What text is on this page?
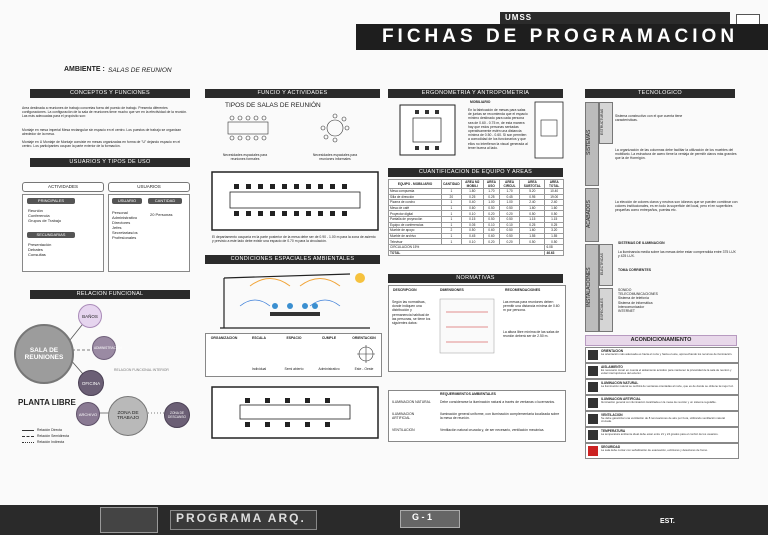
UMSS
FICHAS DE PROGRAMACION
AMBIENTE : SALAS DE REUNION
CONCEPTOS Y FUNCIONES	FUNCIO Y ACTIVIDADES	ERGONOMETRIA Y ANTROPOMETRIA	TECNOLOGICO
USUARIOS Y TIPOS DE USO
CUANTIFICACION DE EQUIPO Y AREAS
CONDICIONES ESPACIALES AMBIENTALES
NORMATIVAS
RELACION FUNCIONAL
ACONDICIONAMIENTO
Area destinada a reuniones de trabajo concretas fuera del puesto de trabajo. Presenta diferentes configuraciones. La configuración de la sala de reuniones tiene mucho que ver en la efectividad de la reunión. Las más adecuadas para el propósito son:
Montaje en mesa imperial Mesa rectangular sin espacio en el centro. Los puestos de trabajo se organizan alrededor de la mesa.
Montaje en U Montaje de Montaje consiste en mesas organizadas en forma de "U" dejando espacio en el centro. Los participantes ocupan la parte exterior de la formación.
ACTIVIDADES	USUARIOS
PRINCIPALES
Reunión
Conferencia
Grupos de Trabajo
SECUNDARIAS
Presentación
Debates
Consultas
USUARIO	CANTIDAD
Personal Administrativo
Directores
Jefes
Secretarias/os
Profesionales
20 Personas
TIPOS DE SALAS DE REUNIÓN
Necesidades espaciales para reuniones formales
Necesidades espaciales para reuniones informales
El departamento ocuparía en la parte posterior de la mesa debe ser de 0.90 - 1.00 m para la zona de asiento y previsto a este lado debe existir una espacio de 0.70 m para la circulación.
MOBILIARIO
En la fabricación de mesas para salas de juntas se recomienda que el espacio mínimo destinado para cada persona sea de 0.60 - 0.75 m, de esta manera hay que estos personas sentadas operativamente estén una distancia mínima de 0.50 - 0.60. Si son permiten a comodidad de los funcionarios y que ellos no interfieran la visual generada al tener buena al lado.
EQUIPO - MOBILIARIO	CANTIDAD	AREA M2 MOBILI	AREA USO	AREA CIRCUL	AREA SUBTOTAL	AREA TOTAL
Mesa compuesta	1	1.80	1.70	1.70	5.20	10.40
Silla de dirección	20	0.25	0.25	0.45	0.95	19.00
Pizarra de corcho	1	0.40	1.00	1.00	2.40	2.40
Mesa de café	1	0.60	0.50	0.50	1.60	1.60
Proyector digital	1	0.10	0.20	0.20	0.50	0.50
Pantalla de proyección	1	0.15	0.50	0.50	1.15	1.15
Equipo de conferencias	1	0.05	0.10	0.10	0.25	0.25
Mueble de apoyo	2	0.50	0.60	0.50	1.60	3.20
Mueble de archivo	1	0.45	0.60	0.50	1.55	1.55
Televisor	1	0.10	0.20	0.20	0.50	0.50
CIRCULACION 15%						6.08
TOTAL						46.63
ORGANIZACION	ESCALA	ESPACIO	CUMPLE	ORIENTACION
Individual	Semi abierto	Administrativo	Este - Oeste
DESCRIPCION	DIMENSIONES	RECOMENDACIONES
Según las normativas, donde indiquen una distribución y permanencia habitual de las personas, se tiene los siguientes datos:
Las mesas para reuniones deben permitir una distancia mínima de 0.60 m por persona.
La altura libre mínima de las salas de reunión deberá ser de 2.50 m.
REQUERIMIENTOS AMBIENTALES
ILUMINACION NATURAL	Debe considerarse la iluminación natural a través de ventanas o lucernarios.
ILUMINACION ARTIFICIAL
Iluminación general uniforme, con iluminación complementaria localizada sobre la mesa de reunión.
VENTILACION	Ventilación natural cruzada y, de ser necesario, ventilación mecánica.
SALA DE REUNIONES
BAÑOS
ADMINISTRACIÓN
OFICINA
RELACION FUNCIONAL INTERIOR
PLANTA LIBRE
ARCHIVO	ZONA DE TRABAJO
ZONA DE DESCANSO
Relación Directa
Relación Semidirecta
Relación Indirecta
SISTEMAS
ESTRUCTURAS	Sistema constructivo con el que cuenta tiene características.
La organización de las columnas debe facilitar la utilización de los muebles del mobiliario. La estructura de acero tiene la ventaja de permitir claros más grandes que la de Hormigón.
ACABADOS	La elección de colores claros y neutros son idóneos que se pueden combinar con colores institucionales, es en todo la superficie del local, pero el en superficies pequeñas como entrepaños, puertas etc.
INSTALACIONES
ELECTRICAS
SISTEMAS DE ILUMINACION
La iluminancia media sobre las mesas debe estar comprendida entre 375 LUX y 425 LUX.
TOMA CORRIENTES
ESPECIALES
SONIDO
TELECOMUNICACIONES
Sistema de telefonía
Sistema de informática
Intercomunicador
INTERNET
ORIENTACION
La orientación más adecuada es hacia el norte y hacia el este, aprovechando los recursos de iluminación.
AISLAMIENTO
Es necesario tomar en cuenta el aislamiento acústico para mantener la privacidad de la sala de reunión y evitar interrupciones del exterior.
ILUMINACION NATURAL
La iluminación natural se recibirá de ventanas orientadas al norte, que es de donde se obtiene la mejor luz.
ILUMINACION ARTIFICIAL
Iluminación general con iluminación localizada en la mesa de reunión y un sistema regulable.
VENTILACION
Se debe garantizar una ventilación de 8 renovaciones de aire por hora, utilizando ventilación natural cruzada.
TEMPERATURA
La temperatura ambiente ideal debe estar entre 21 y 24 grados para el confort de los usuarios.
SEGURIDAD
La sala debe contar con señalización de evacuación, extintores y detectores de humo.
PROGRAMA ARQ.	G - 1	EST.
